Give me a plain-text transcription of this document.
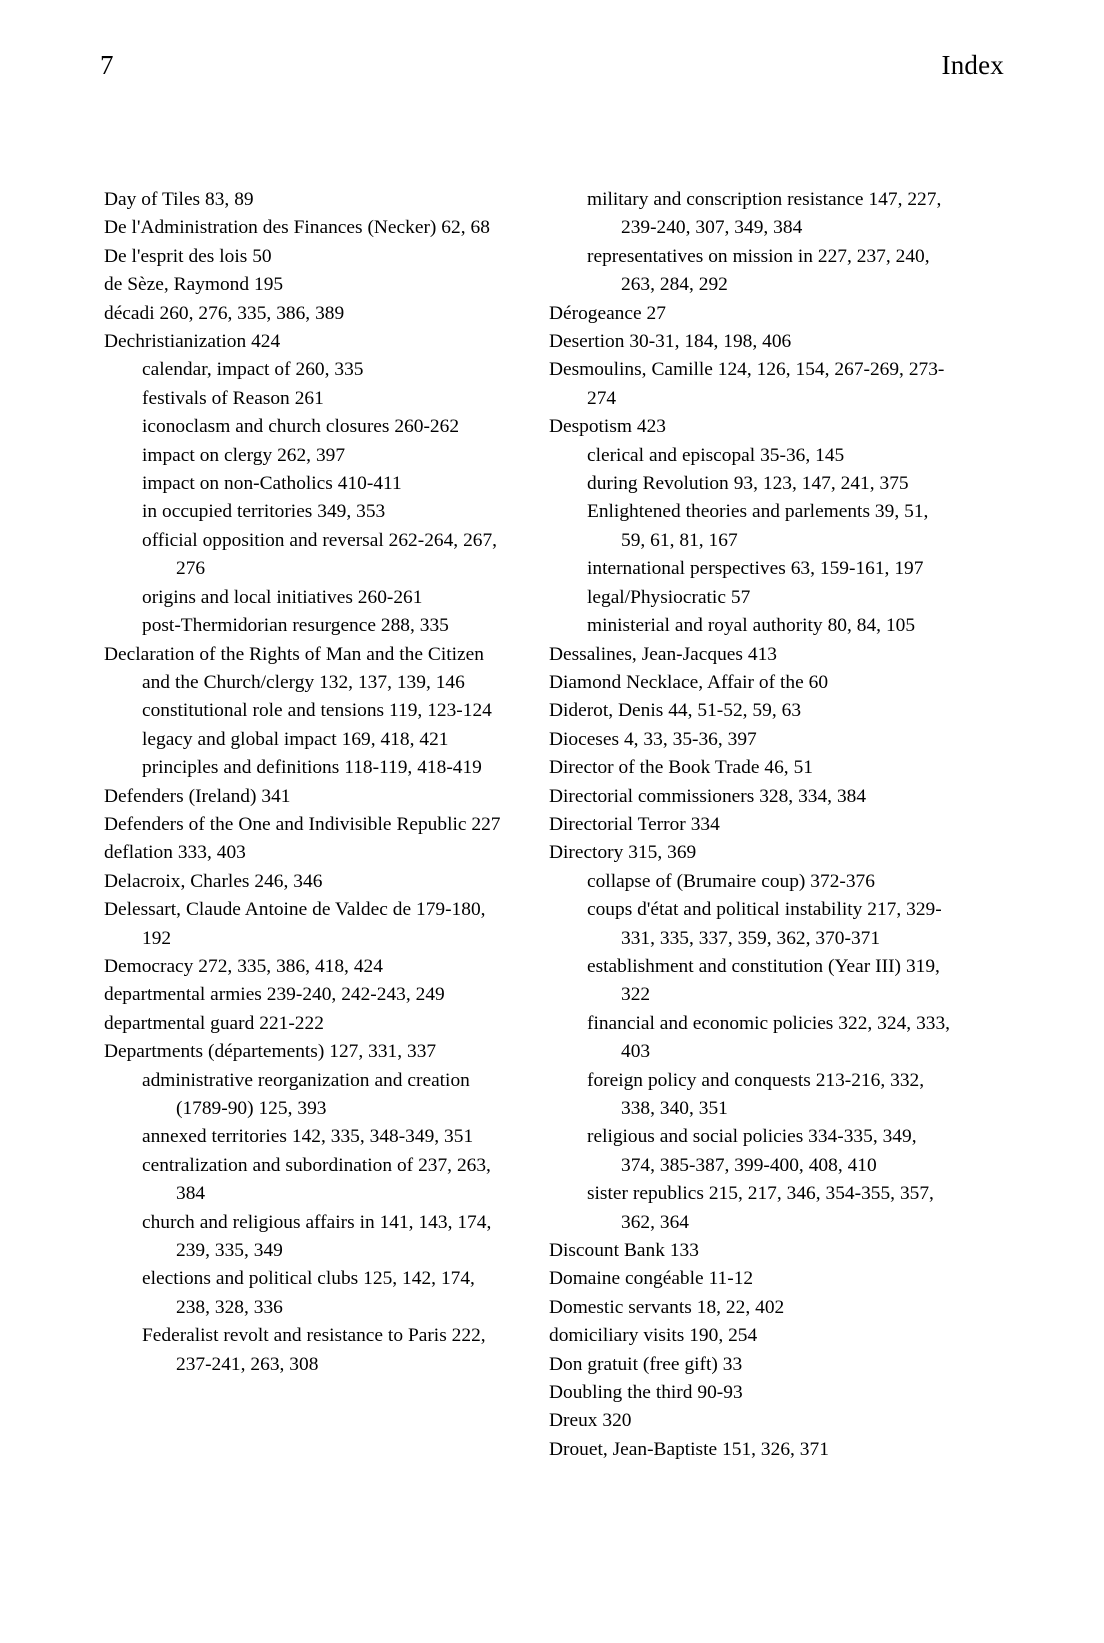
7	Index

Day of Tiles 83, 89

De l'Administration des Finances (Necker) 62, 68

De l'esprit des lois 50

de Sèze, Raymond 195

décadi 260, 276, 335, 386, 389

Dechristianization 424

calendar, impact of 260, 335

festivals of Reason 261

iconoclasm and church closures 260-262

impact on clergy 262, 397

impact on non-Catholics 410-411

in occupied territories 349, 353

official opposition and reversal 262-264, 267, 276

origins and local initiatives 260-261

post-Thermidorian resurgence 288, 335

Declaration of the Rights of Man and the Citizen

and the Church/clergy 132, 137, 139, 146

constitutional role and tensions 119, 123-124

legacy and global impact 169, 418, 421

principles and definitions 118-119, 418-419

Defenders (Ireland) 341

Defenders of the One and Indivisible Republic 227

deflation 333, 403

Delacroix, Charles 246, 346

Delessart, Claude Antoine de Valdec de 179-180, 192

Democracy 272, 335, 386, 418, 424

departmental armies 239-240, 242-243, 249

departmental guard 221-222

Departments (départements) 127, 331, 337

administrative reorganization and creation (1789-90) 125, 393

annexed territories 142, 335, 348-349, 351

centralization and subordination of 237, 263, 384

church and religious affairs in 141, 143, 174, 239, 335, 349

elections and political clubs 125, 142, 174, 238, 328, 336

Federalist revolt and resistance to Paris 222, 237-241, 263, 308

military and conscription resistance 147, 227, 239-240, 307, 349, 384

representatives on mission in 227, 237, 240, 263, 284, 292

Dérogeance 27

Desertion 30-31, 184, 198, 406

Desmoulins, Camille 124, 126, 154, 267-269, 273-274

Despotism 423

clerical and episcopal 35-36, 145

during Revolution 93, 123, 147, 241, 375

Enlightened theories and parlements 39, 51, 59, 61, 81, 167

international perspectives 63, 159-161, 197

legal/Physiocratic 57

ministerial and royal authority 80, 84, 105

Dessalines, Jean-Jacques 413

Diamond Necklace, Affair of the 60

Diderot, Denis 44, 51-52, 59, 63

Dioceses 4, 33, 35-36, 397

Director of the Book Trade 46, 51

Directorial commissioners 328, 334, 384

Directorial Terror 334

Directory 315, 369

collapse of (Brumaire coup) 372-376

coups d'état and political instability 217, 329-331, 335, 337, 359, 362, 370-371

establishment and constitution (Year III) 319, 322

financial and economic policies 322, 324, 333, 403

foreign policy and conquests 213-216, 332, 338, 340, 351

religious and social policies 334-335, 349, 374, 385-387, 399-400, 408, 410

sister republics 215, 217, 346, 354-355, 357, 362, 364

Discount Bank 133

Domaine congéable 11-12

Domestic servants 18, 22, 402

domiciliary visits 190, 254

Don gratuit (free gift) 33

Doubling the third 90-93

Dreux 320

Drouet, Jean-Baptiste 151, 326, 371
